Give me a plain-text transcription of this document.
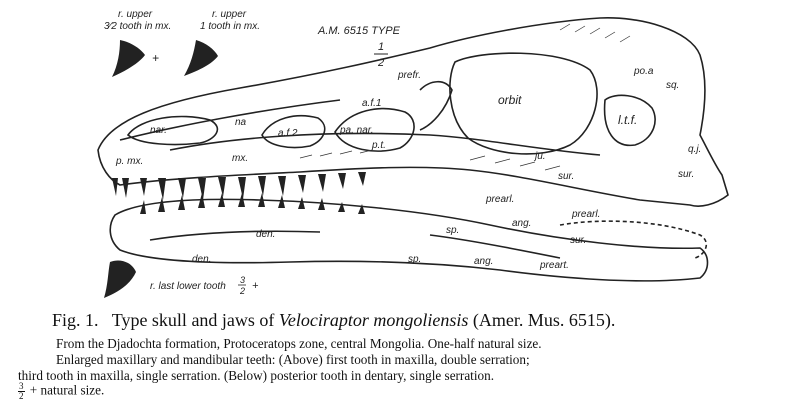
A.M. 6515 TYPE
1
2
r. upper
3⁄2 tooth in mx.
r. upper
1 tooth in mx.
+
r. last lower tooth
3
2 +
nar.
na
p. mx.	mx.
a.f.1
a.f.2
prefr.
pa. nar.
p.t.
orbit
po.a
sq.
l.t.f.
q.j.
ju.
sur.	sur.
sur.
prearl.
prearl.
preart.
ang.
ang.
sp.
sp.
den.
den.
Fig. 1. Type skull and jaws of Velociraptor mongoliensis (Amer. Mus. 6515).
From the Djadochta formation, Protoceratops zone, central Mongolia. One-half natural size.
Enlarged maxillary and mandibular teeth: (Above) first tooth in maxilla, double serration;
third tooth in maxilla, single serration. (Below) posterior tooth in dentary, single serration.
$\frac{3}{2}$ + natural size.
